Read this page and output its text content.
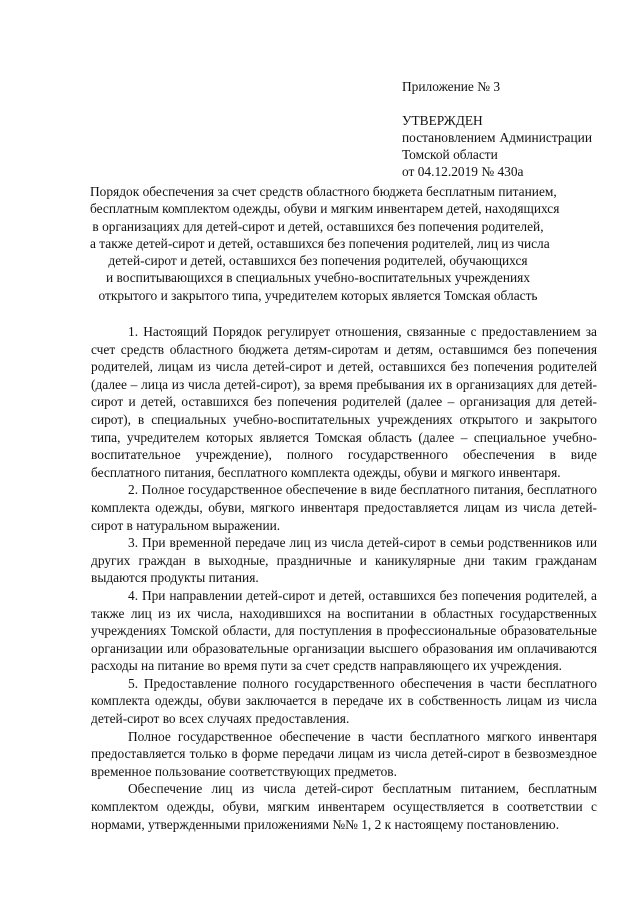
Приложение № 3
УТВЕРЖДЕН
постановлением Администрации
Томской области
от 04.12.2019 № 430а
Порядок обеспечения за счет средств областного бюджета бесплатным питанием,
бесплатным комплектом одежды, обуви и мягким инвентарем детей, находящихся
в организациях для детей-сирот и детей, оставшихся без попечения родителей,
а также детей-сирот и детей, оставшихся без попечения родителей, лиц из числа
детей-сирот и детей, оставшихся без попечения родителей, обучающихся
и воспитывающихся в специальных учебно-воспитательных учреждениях
открытого и закрытого типа, учредителем которых является Томская область

1. Настоящий Порядок регулирует отношения, связанные с предоставлением за счет средств областного бюджета детям-сиротам и детям, оставшимся без попечения родителей, лицам из числа детей-сирот и детей, оставшихся без попечения родителей (далее – лица из числа детей-сирот), за время пребывания их в организациях для детей-сирот и детей, оставшихся без попечения родителей (далее – организация для детей-сирот), в специальных учебно-воспитательных учреждениях открытого и закрытого типа, учредителем которых является Томская область (далее – специальное учебно-воспитательное учреждение), полного государственного обеспечения в виде бесплатного питания, бесплатного комплекта одежды, обуви и мягкого инвентаря.

2. Полное государственное обеспечение в виде бесплатного питания, бесплатного комплекта одежды, обуви, мягкого инвентаря предоставляется лицам из числа детей-сирот в натуральном выражении.

3. При временной передаче лиц из числа детей-сирот в семьи родственников или других граждан в выходные, праздничные и каникулярные дни таким гражданам выдаются продукты питания.

4. При направлении детей-сирот и детей, оставшихся без попечения родителей, а также лиц из их числа, находившихся на воспитании в областных государственных учреждениях Томской области, для поступления в профессиональные образовательные организации или образовательные организации высшего образования им оплачиваются расходы на питание во время пути за счет средств направляющего их учреждения.

5. Предоставление полного государственного обеспечения в части бесплатного комплекта одежды, обуви заключается в передаче их в собственность лицам из числа детей-сирот во всех случаях предоставления.

Полное государственное обеспечение в части бесплатного мягкого инвентаря предоставляется только в форме передачи лицам из числа детей-сирот в безвозмездное временное пользование соответствующих предметов.

Обеспечение лиц из числа детей-сирот бесплатным питанием, бесплатным комплектом одежды, обуви, мягким инвентарем осуществляется в соответствии с нормами, утвержденными приложениями №№ 1, 2 к настоящему постановлению.
